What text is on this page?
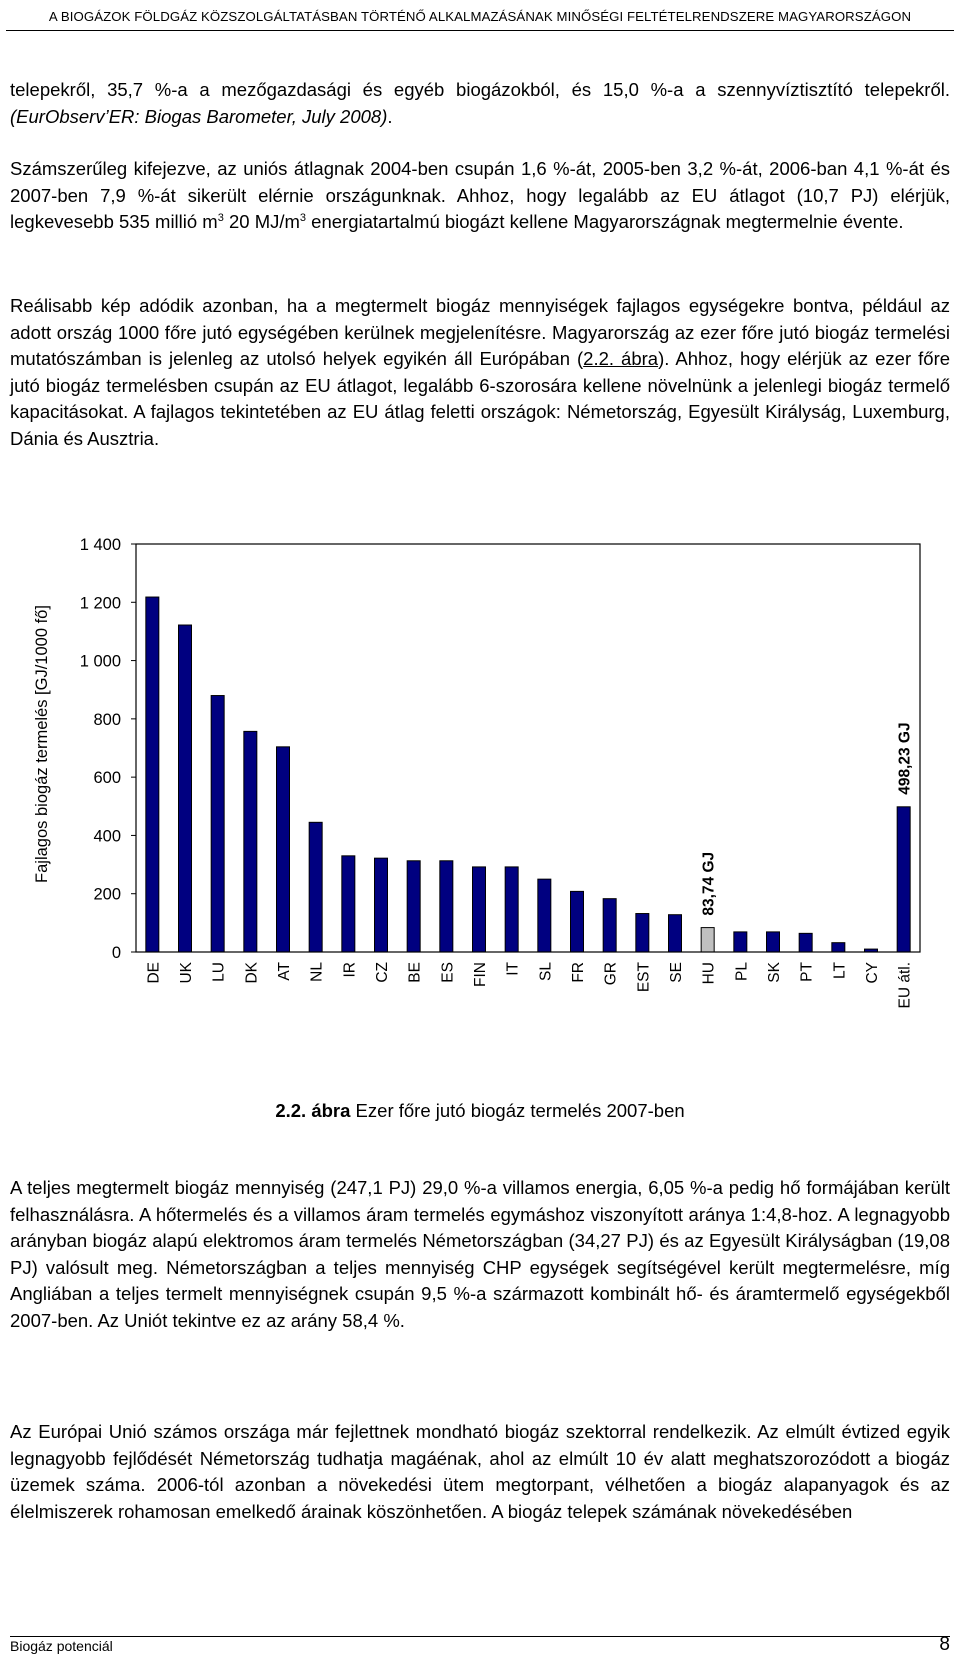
A BIOGÁZOK FÖLDGÁZ KÖZSZOLGÁLTATÁSBAN TÖRTÉNŐ ALKALMAZÁSÁNAK MINŐSÉGI FELTÉTELRENDSZERE MAGYARORSZÁGON

telepekről, 35,7 %-a a mezőgazdasági és egyéb biogázokból, és 15,0 %-a a szennyvíztisztító telepekről. (EurObserv’ER: Biogas Barometer, July 2008).

Számszerűleg kifejezve, az uniós átlagnak 2004-ben csupán 1,6 %-át, 2005-ben 3,2 %-át, 2006-ban 4,1 %-át és 2007-ben 7,9 %-át sikerült elérnie országunknak. Ahhoz, hogy legalább az EU átlagot (10,7 PJ) elérjük, legkevesebb 535 millió $m^3$ 20 $MJ/m^3$ energiatartalmú biogázt kellene Magyarországnak megtermelnie évente.

Reálisabb kép adódik azonban, ha a megtermelt biogáz mennyiségek fajlagos egységekre bontva, például az adott ország 1000 főre jutó egységében kerülnek megjelenítésre. Magyarország az ezer főre jutó biogáz termelési mutatószámban is jelenleg az utolsó helyek egyikén áll Európában (2.2. ábra). Ahhoz, hogy elérjük az ezer főre jutó biogáz termelésben csupán az EU átlagot, legalább 6-szorosára kellene növelnünk a jelenlegi biogáz termelő kapacitásokat. A fajlagos tekintetében az EU átlag feletti országok: Németország, Egyesült Királyság, Luxemburg, Dánia és Ausztria.

Fajlagos biogáz termelés [GJ/1000 fő]
0
200
400
600
800
1 000
1 200
1 400
DE UK LU DK AT NL IR CZ BE ES FIN IT SL FR GR EST SE HU PL SK PT LT CY EU átl.
83,74 GJ
498,23 GJ
2.2. ábra Ezer főre jutó biogáz termelés 2007-ben

A teljes megtermelt biogáz mennyiség (247,1 PJ) 29,0 %-a villamos energia, 6,05 %-a pedig hő formájában került felhasználásra. A hőtermelés és a villamos áram termelés egymáshoz viszonyított aránya 1:4,8-hoz. A legnagyobb arányban biogáz alapú elektromos áram termelés Németországban (34,27 PJ) és az Egyesült Királyságban (19,08 PJ) valósult meg. Németországban a teljes mennyiség CHP egységek segítségével került megtermelésre, míg Angliában a teljes termelt mennyiségnek csupán 9,5 %-a származott kombinált hő- és áramtermelő egységekből 2007-ben. Az Uniót tekintve ez az arány 58,4 %.

Az Európai Unió számos országa már fejlettnek mondható biogáz szektorral rendelkezik. Az elmúlt évtized egyik legnagyobb fejlődését Németország tudhatja magáénak, ahol az elmúlt 10 év alatt meghatszorozódott a biogáz üzemek száma. 2006-tól azonban a növekedési ütem megtorpant, vélhetően a biogáz alapanyagok és az élelmiszerek rohamosan emelkedő árainak köszönhetően. A biogáz telepek számának növekedésében

Biogáz potenciál	8
